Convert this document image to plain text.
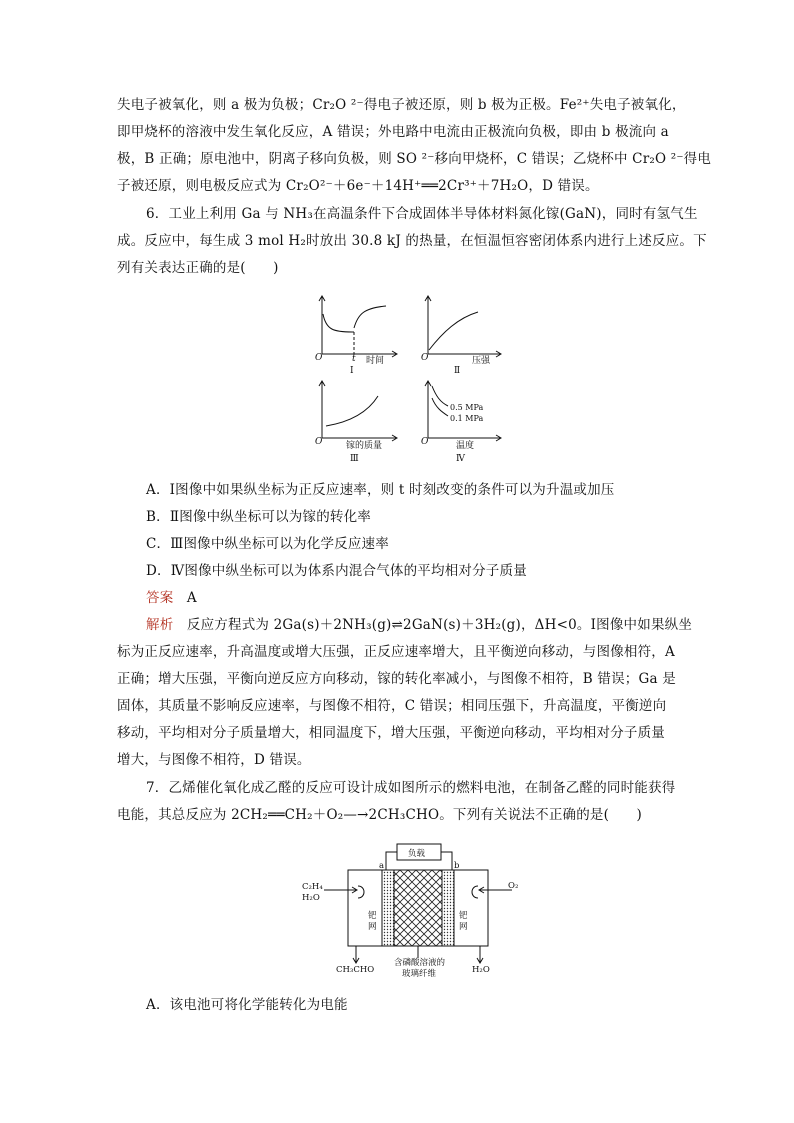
失电子被氧化，则 a 极为负极；Cr₂O ²⁻得电子被还原，则 b 极为正极。Fe²⁺失电子被氧化，
即甲烧杯的溶液中发生氧化反应，A 错误；外电路中电流由正极流向负极，即由 b 极流向 a
极，B 正确；原电池中，阴离子移向负极，则 SO ²⁻移向甲烧杯，C 错误；乙烧杯中 Cr₂O ²⁻得电
子被还原，则电极反应式为 Cr₂O²⁻＋6e⁻＋14H⁺══2Cr³⁺＋7H₂O，D 错误。
6．工业上利用 Ga 与 NH₃在高温条件下合成固体半导体材料氮化镓(GaN)，同时有氢气生
成。反应中，每生成 3 mol H₂时放出 30.8 kJ 的热量，在恒温恒容密闭体系内进行上述反应。下
列有关表达正确的是(　　)
O	t 时间
Ⅰ
O	压强
Ⅱ
O	镓的质量
Ⅲ
O	温度
Ⅳ
0.5 MPa
0.1 MPa
A．Ⅰ图像中如果纵坐标为正反应速率，则 t 时刻改变的条件可以为升温或加压
B．Ⅱ图像中纵坐标可以为镓的转化率
C．Ⅲ图像中纵坐标可以为化学反应速率
D．Ⅳ图像中纵坐标可以为体系内混合气体的平均相对分子质量
答案 A
解析 反应方程式为 2Ga(s)＋2NH₃(g)⇌2GaN(s)＋3H₂(g)，ΔH<0。Ⅰ图像中如果纵坐
标为正反应速率，升高温度或增大压强，正反应速率增大，且平衡逆向移动，与图像相符，A
正确；增大压强，平衡向逆反应方向移动，镓的转化率减小，与图像不相符，B 错误；Ga 是
固体，其质量不影响反应速率，与图像不相符，C 错误；相同压强下，升高温度，平衡逆向
移动，平均相对分子质量增大，相同温度下，增大压强，平衡逆向移动，平均相对分子质量
增大，与图像不相符，D 错误。
7．乙烯催化氧化成乙醛的反应可设计成如图所示的燃料电池，在制备乙醛的同时能获得
电能，其总反应为 2CH₂══CH₂＋O₂—→2CH₃CHO。下列有关说法不正确的是(　　)
负载
a	b
C₂H₄
H₂O
O₂
钯 网
钯 网
CH₃CHO	H₂O
含磷酸溶液的
玻璃纤维
A．该电池可将化学能转化为电能
